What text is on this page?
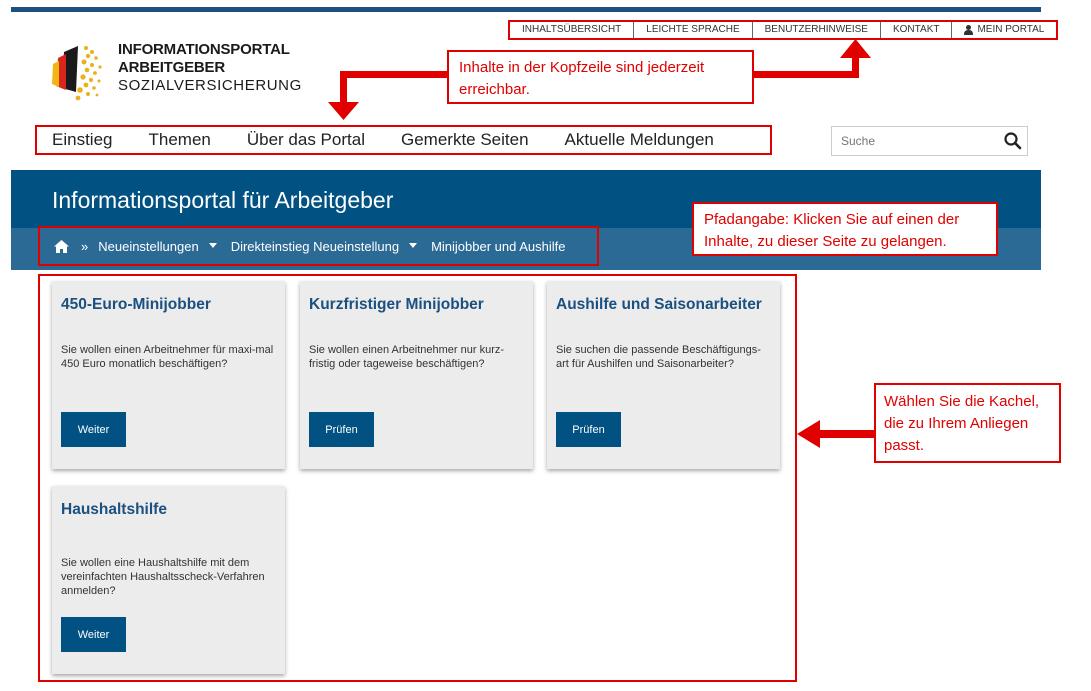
INHALTSÜBERSICHT	LEICHTE SPRACHE	BENUTZERHINWEISE	KONTAKT	MEIN PORTAL
INFORMATIONSPORTAL
ARBEITGEBER
SOZIALVERSICHERUNG
Inhalte in der Kopfzeile sind jederzeit erreichbar.
Einstieg Themen Über das Portal Gemerkte Seiten Aktuelle Meldungen
Suche
Informationsportal für Arbeitgeber
» Neueinstellungen Direkteinstieg Neueinstellung Minijobber und Aushilfe
Pfadangabe: Klicken Sie auf einen der Inhalte, zu dieser Seite zu gelangen.
450-Euro-Minijobber

Sie wollen einen Arbeitnehmer für maxi-mal 450 Euro monatlich beschäftigen?

Weiter
Kurzfristiger Minijobber

Sie wollen einen Arbeitnehmer nur kurz-fristig oder tageweise beschäftigen?

Prüfen
Aushilfe und Saisonarbeiter

Sie suchen die passende Beschäftigungs-art für Aushilfen und Saisonarbeiter?

Prüfen
Haushaltshilfe

Sie wollen eine Haushaltshilfe mit dem vereinfachten Haushaltsscheck-Verfahren anmelden?

Weiter
Wählen Sie die Kachel, die zu Ihrem Anliegen passt.
